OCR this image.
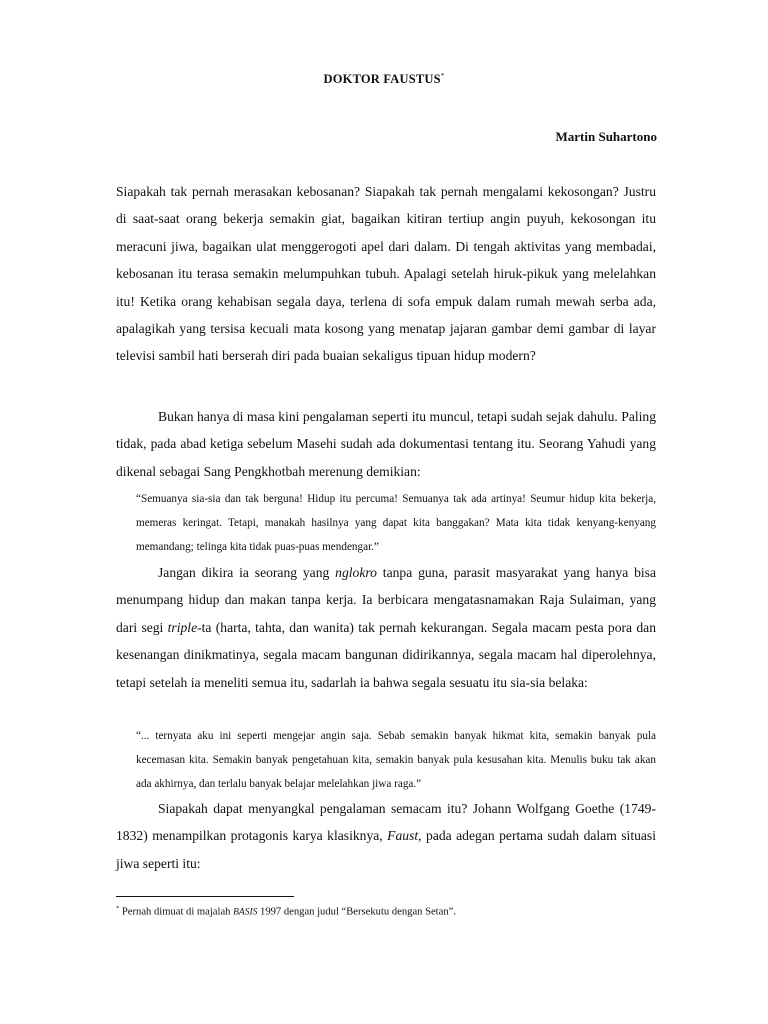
DOKTOR FAUSTUS*
Martin Suhartono

Siapakah tak pernah merasakan kebosanan? Siapakah tak pernah mengalami kekosongan? Justru di saat-saat orang bekerja semakin giat, bagaikan kitiran tertiup angin puyuh, kekosongan itu meracuni jiwa, bagaikan ulat menggerogoti apel dari dalam. Di tengah aktivitas yang membadai, kebosanan itu terasa semakin melumpuhkan tubuh. Apalagi setelah hiruk-pikuk yang melelahkan itu! Ketika orang kehabisan segala daya, terlena di sofa empuk dalam rumah mewah serba ada, apalagikah yang tersisa kecuali mata kosong yang menatap jajaran gambar demi gambar di layar televisi sambil hati berserah diri pada buaian sekaligus tipuan hidup modern?

Bukan hanya di masa kini pengalaman seperti itu muncul, tetapi sudah sejak dahulu. Paling tidak, pada abad ketiga sebelum Masehi sudah ada dokumentasi tentang itu. Seorang Yahudi yang dikenal sebagai Sang Pengkhotbah merenung demikian:

“Semuanya sia-sia dan tak berguna! Hidup itu percuma! Semuanya tak ada artinya! Seumur hidup kita bekerja, memeras keringat. Tetapi, manakah hasilnya yang dapat kita banggakan? Mata kita tidak kenyang-kenyang memandang; telinga kita tidak puas-puas mendengar.”

Jangan dikira ia seorang yang nglokro tanpa guna, parasit masyarakat yang hanya bisa menumpang hidup dan makan tanpa kerja. Ia berbicara mengatasnamakan Raja Sulaiman, yang dari segi triple-ta (harta, tahta, dan wanita) tak pernah kekurangan. Segala macam pesta pora dan kesenangan dinikmatinya, segala macam bangunan didirikannya, segala macam hal diperolehnya, tetapi setelah ia meneliti semua itu, sadarlah ia bahwa segala sesuatu itu sia-sia belaka:

“... ternyata aku ini seperti mengejar angin saja. Sebab semakin banyak hikmat kita, semakin banyak pula kecemasan kita. Semakin banyak pengetahuan kita, semakin banyak pula kesusahan kita. Menulis buku tak akan ada akhirnya, dan terlalu banyak belajar melelahkan jiwa raga.”

Siapakah dapat menyangkal pengalaman semacam itu? Johann Wolfgang Goethe (1749-1832) menampilkan protagonis karya klasiknya, Faust, pada adegan pertama sudah dalam situasi jiwa seperti itu:

* Pernah dimuat di majalah BASIS 1997 dengan judul “Bersekutu dengan Setan”.
